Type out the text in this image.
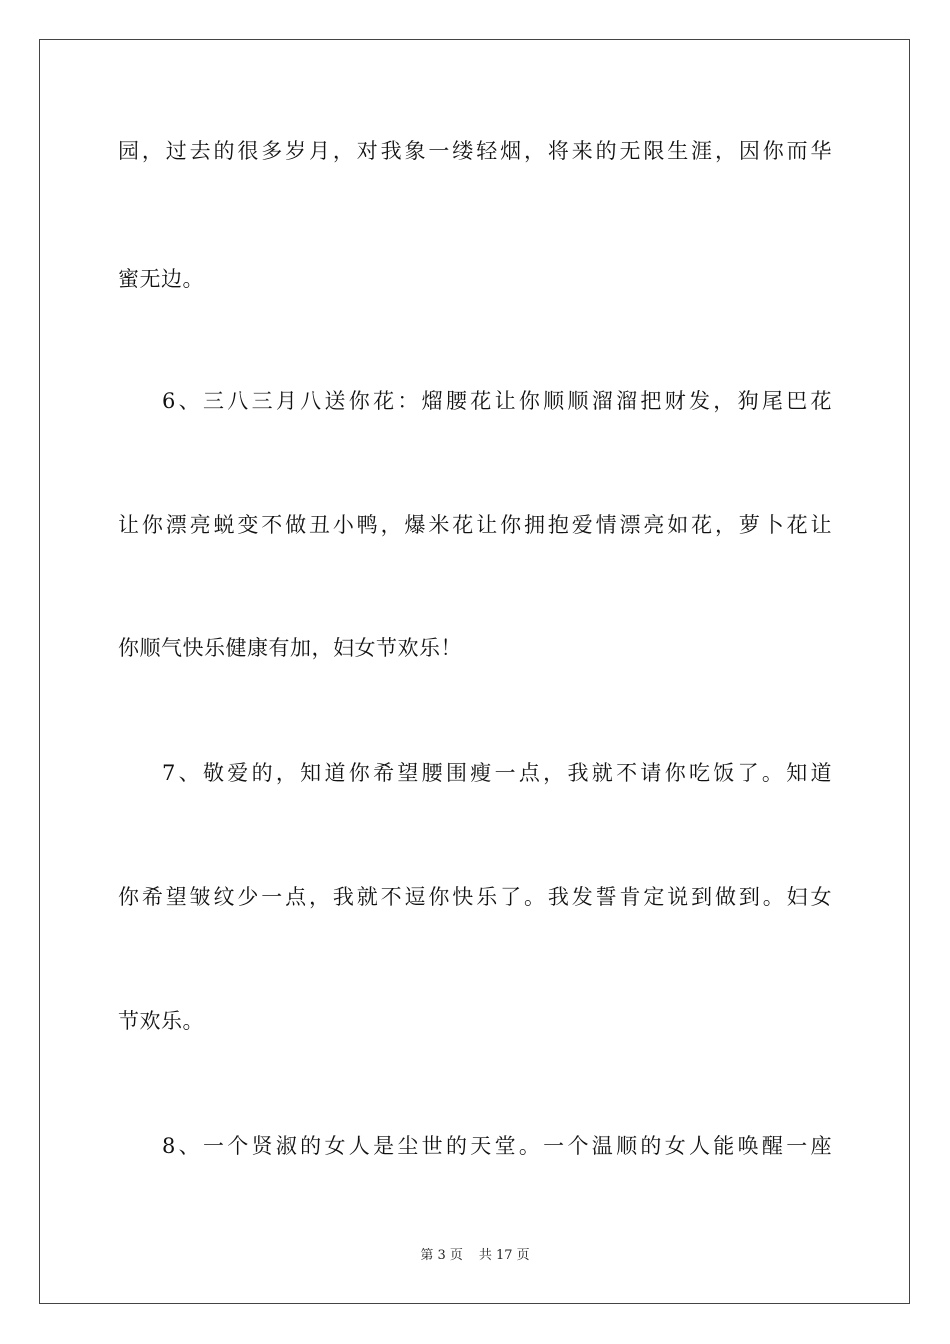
园，过去的很多岁月，对我象一缕轻烟，将来的无限生涯，因你而华
蜜无边。
6、三八三月八送你花：熘腰花让你顺顺溜溜把财发，狗尾巴花
让你漂亮蜕变不做丑小鸭，爆米花让你拥抱爱情漂亮如花，萝卜花让
你顺气快乐健康有加，妇女节欢乐！
7、敬爱的，知道你希望腰围瘦一点，我就不请你吃饭了。知道
你希望皱纹少一点，我就不逗你快乐了。我发誓肯定说到做到。妇女
节欢乐。
8、一个贤淑的女人是尘世的天堂。一个温顺的女人能唤醒一座
第 3 页 共 17 页
